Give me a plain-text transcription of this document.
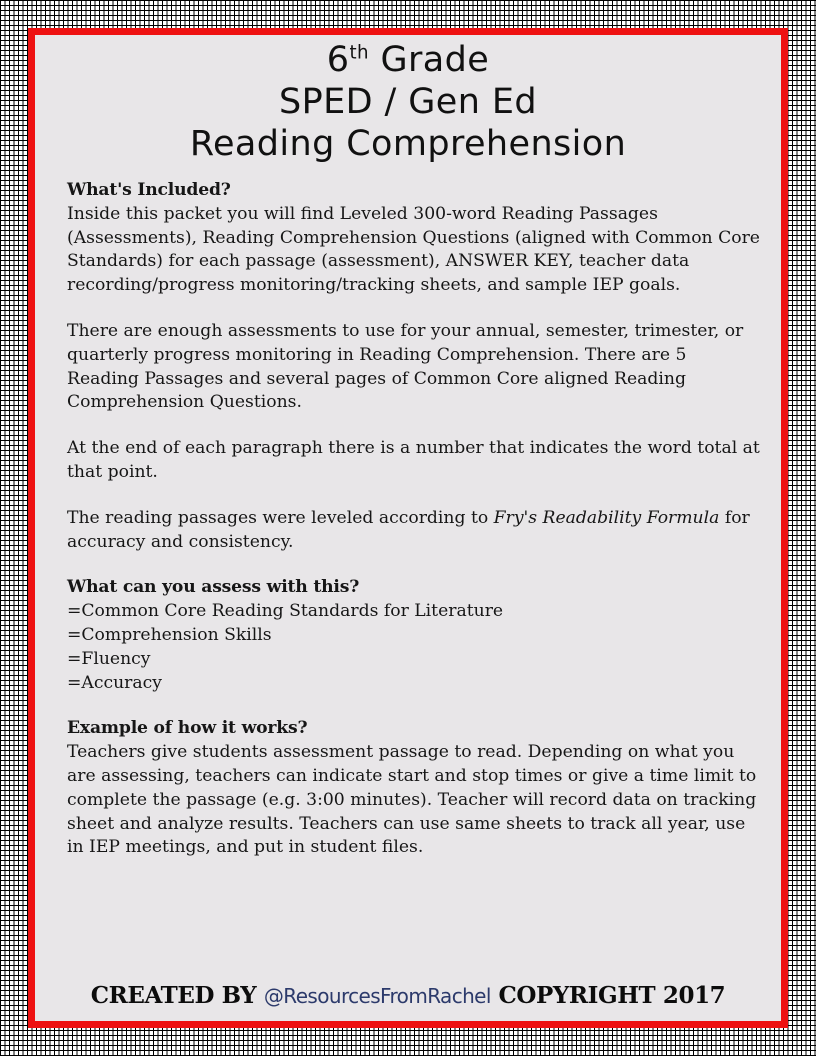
6th Grade
SPED / Gen Ed
Reading Comprehension
What's Included?
Inside this packet you will find Leveled 300-word Reading Passages (Assessments), Reading Comprehension Questions (aligned with Common Core Standards) for each passage (assessment), ANSWER KEY, teacher data recording/progress monitoring/tracking sheets, and sample IEP goals.
There are enough assessments to use for your annual, semester, trimester, or quarterly progress monitoring in Reading Comprehension. There are 5 Reading Passages and several pages of Common Core aligned Reading Comprehension Questions.
At the end of each paragraph there is a number that indicates the word total at that point.
The reading passages were leveled according to Fry's Readability Formula for accuracy and consistency.
What can you assess with this?
=Common Core Reading Standards for Literature
=Comprehension Skills
=Fluency
=Accuracy
Example of how it works?
Teachers give students assessment passage to read. Depending on what you are assessing, teachers can indicate start and stop times or give a time limit to complete the passage (e.g. 3:00 minutes). Teacher will record data on tracking sheet and analyze results. Teachers can use same sheets to track all year, use in IEP meetings, and put in student files.
CREATED BY @ResourcesFromRachel COPYRIGHT 2017
